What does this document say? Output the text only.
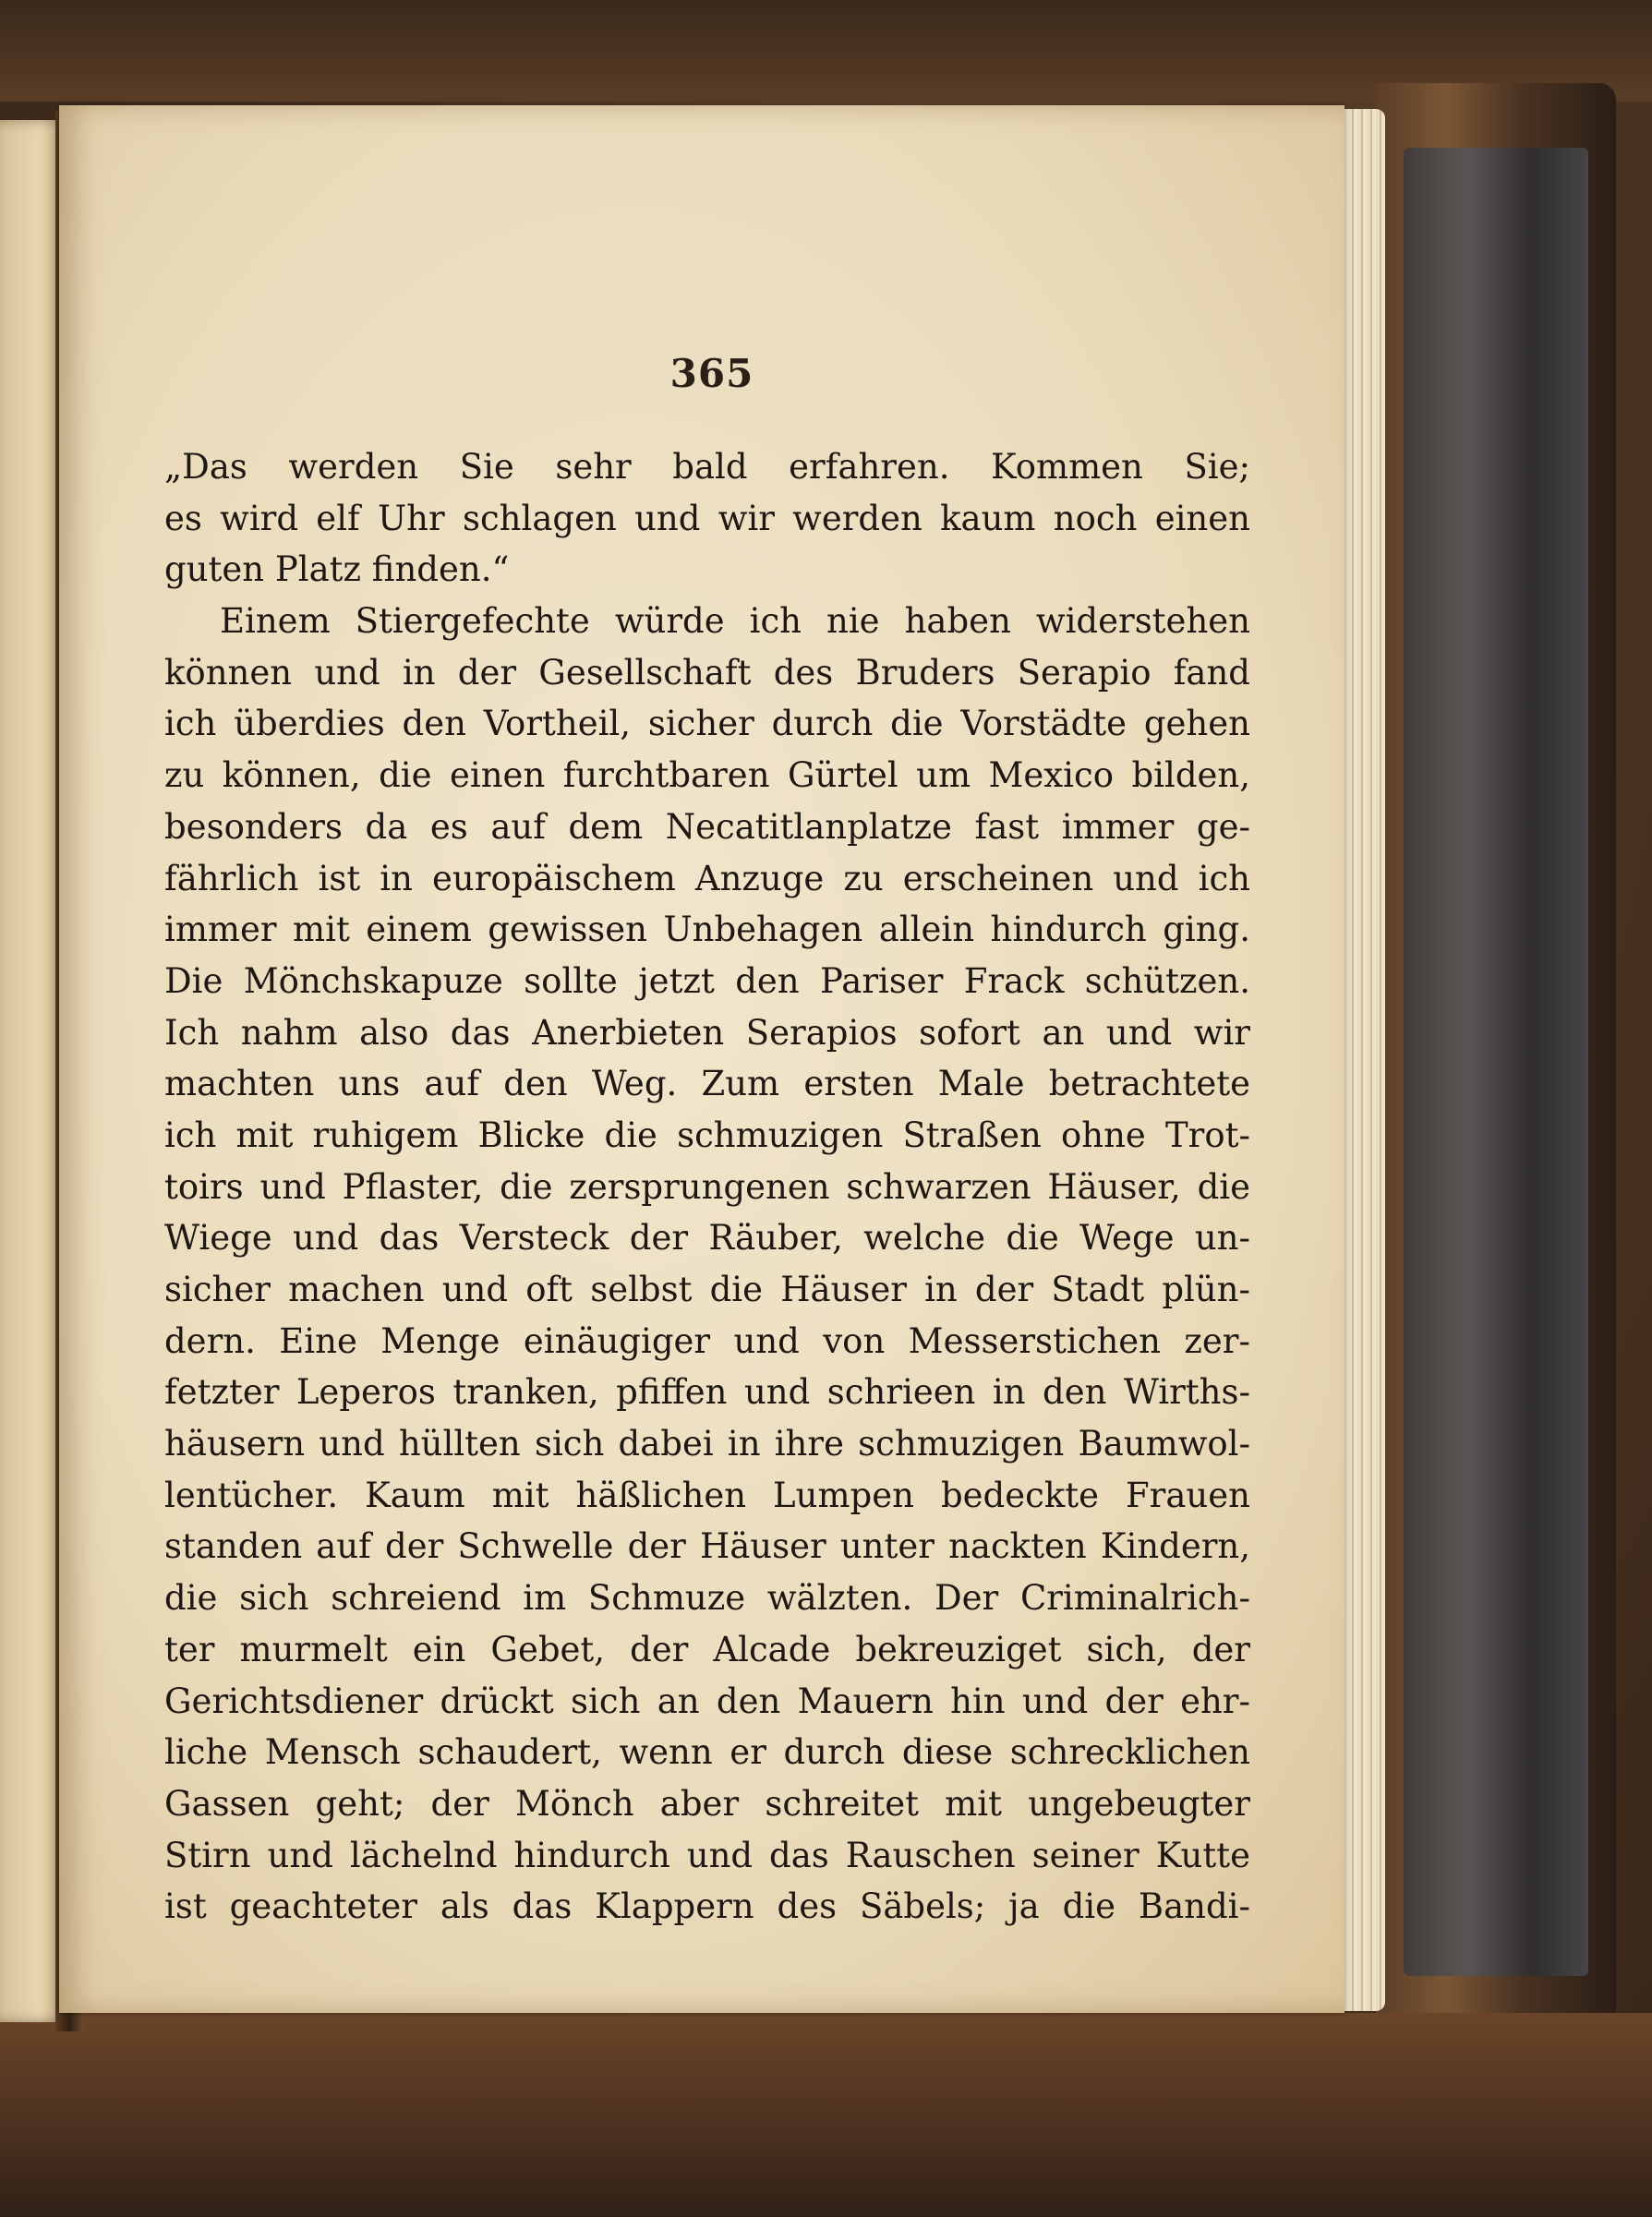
365
„Das werden Sie sehr bald erfahren. Kommen Sie;
es wird elf Uhr schlagen und wir werden kaum noch einen
guten Platz finden.“
Einem Stiergefechte würde ich nie haben widerstehen
können und in der Gesellschaft des Bruders Serapio fand
ich überdies den Vortheil, sicher durch die Vorstädte gehen
zu können, die einen furchtbaren Gürtel um Mexico bilden,
besonders da es auf dem Necatitlanplatze fast immer ge-
fährlich ist in europäischem Anzuge zu erscheinen und ich
immer mit einem gewissen Unbehagen allein hindurch ging.
Die Mönchskapuze sollte jetzt den Pariser Frack schützen.
Ich nahm also das Anerbieten Serapios sofort an und wir
machten uns auf den Weg. Zum ersten Male betrachtete
ich mit ruhigem Blicke die schmuzigen Straßen ohne Trot-
toirs und Pflaster, die zersprungenen schwarzen Häuser, die
Wiege und das Versteck der Räuber, welche die Wege un-
sicher machen und oft selbst die Häuser in der Stadt plün-
dern. Eine Menge einäugiger und von Messerstichen zer-
fetzter Leperos tranken, pfiffen und schrieen in den Wirths-
häusern und hüllten sich dabei in ihre schmuzigen Baumwol-
lentücher. Kaum mit häßlichen Lumpen bedeckte Frauen
standen auf der Schwelle der Häuser unter nackten Kindern,
die sich schreiend im Schmuze wälzten. Der Criminalrich-
ter murmelt ein Gebet, der Alcade bekreuziget sich, der
Gerichtsdiener drückt sich an den Mauern hin und der ehr-
liche Mensch schaudert, wenn er durch diese schrecklichen
Gassen geht; der Mönch aber schreitet mit ungebeugter
Stirn und lächelnd hindurch und das Rauschen seiner Kutte
ist geachteter als das Klappern des Säbels; ja die Bandi-
